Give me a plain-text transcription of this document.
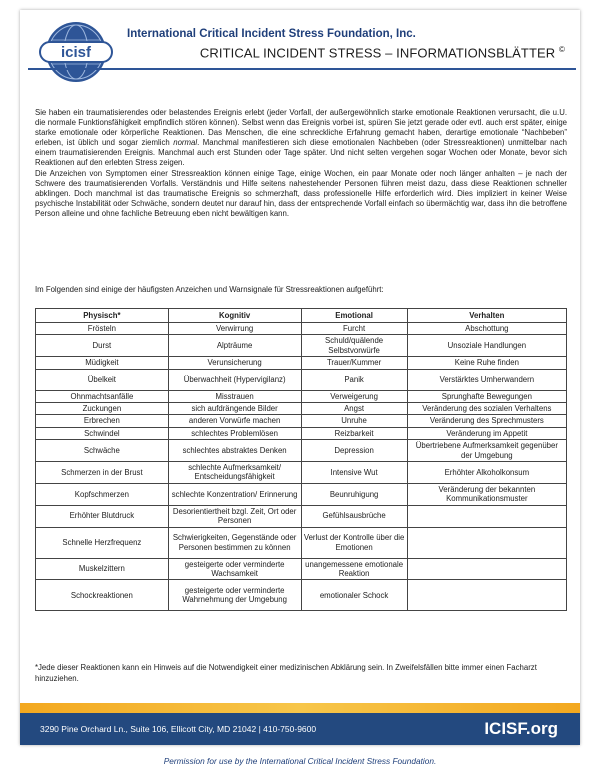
icisf
International Critical Incident Stress Foundation, Inc.
CRITICAL INCIDENT STRESS – INFORMATIONSBLÄTTER ©

Sie haben ein traumatisierendes oder belastendes Ereignis erlebt (jeder Vorfall, der außergewöhnlich starke emotionale Reaktionen verursacht, die u.U. die normale Funktionsfähigkeit empfindlich stören können). Selbst wenn das Ereignis vorbei ist, spüren Sie jetzt gerade oder evtl. auch erst später, einige starke emotionale oder körperliche Reaktionen. Das Menschen, die eine schreckliche Erfahrung gemacht haben, derartige emotionale “Nachbeben” erleben, ist üblich und sogar ziemlich normal. Manchmal manifestieren sich diese emotionalen Nachbeben (oder Stressreaktionen) unmittelbar nach einem traumatisierenden Ereignis. Manchmal auch erst Stunden oder Tage später. Und nicht selten vergehen sogar Wochen oder Monate, bevor sich Reaktionen auf den erlebten Stress zeigen.

Die Anzeichen von Symptomen einer Stressreaktion können einige Tage, einige Wochen, ein paar Monate oder noch länger anhalten – je nach der Schwere des traumatisierenden Vorfalls. Verständnis und Hilfe seitens nahestehender Personen führen meist dazu, dass diese Reaktionen schneller abklingen. Doch manchmal ist das traumatische Ereignis so schmerzhaft, dass professionelle Hilfe erforderlich wird. Dies impliziert in keiner Weise psychische Instabilität oder Schwäche, sondern deutet nur darauf hin, dass der entsprechende Vorfall einfach so übermächtig war, dass ihn die betroffene Person alleine und ohne fachliche Betreuung eben nicht bewältigen kann.

Im Folgenden sind einige der häufigsten Anzeichen und Warnsignale für Stressreaktionen aufgeführt:
Physisch*	Kognitiv	Emotional	Verhalten
Frösteln	Verwirrung	Furcht	Abschottung
Durst	Alpträume	Schuld/quälende Selbstvorwürfe	Unsoziale Handlungen
Müdigkeit	Verunsicherung	Trauer/Kummer	Keine Ruhe finden
Übelkeit	Überwachheit (Hypervigilanz)	Panik	Verstärktes Umherwandern
Ohnmachtsanfälle	Misstrauen	Verweigerung	Sprunghafte Bewegungen
Zuckungen	sich aufdrängende Bilder	Angst	Veränderung des sozialen Verhaltens
Erbrechen	anderen Vorwürfe machen	Unruhe	Veränderung des Sprechmusters
Schwindel	schlechtes Problemlösen	Reizbarkeit	Veränderung im Appetit
Schwäche	schlechtes abstraktes Denken	Depression	Übertriebene Aufmerksamkeit gegenüber der Umgebung
Schmerzen in der Brust	schlechte Aufmerksamkeit/ Entscheidungsfähigkeit	Intensive Wut	Erhöhter Alkoholkonsum
Kopfschmerzen	schlechte Konzentration/ Erinnerung	Beunruhigung	Veränderung der bekannten Kommunikationsmuster
Erhöhter Blutdruck	Desorientiertheit bzgl. Zeit, Ort oder Personen	Gefühlsausbrüche	
Schnelle Herzfrequenz	Schwierigkeiten, Gegenstände oder Personen bestimmen zu können	Verlust der Kontrolle über die Emotionen	
Muskelzittern	gesteigerte oder verminderte Wachsamkeit	unangemessene emotionale Reaktion	
Schockreaktionen	gesteigerte oder verminderte Wahrnehmung der Umgebung	emotionaler Schock	
*Jede dieser Reaktionen kann ein Hinweis auf die Notwendigkeit einer medizinischen Abklärung sein. In Zweifelsfällen bitte immer einen Facharzt hinzuziehen.
3290 Pine Orchard Ln., Suite 106, Ellicott City, MD 21042 | 410-750-9600	ICISF.org
Permission for use by the International Critical Incident Stress Foundation.
